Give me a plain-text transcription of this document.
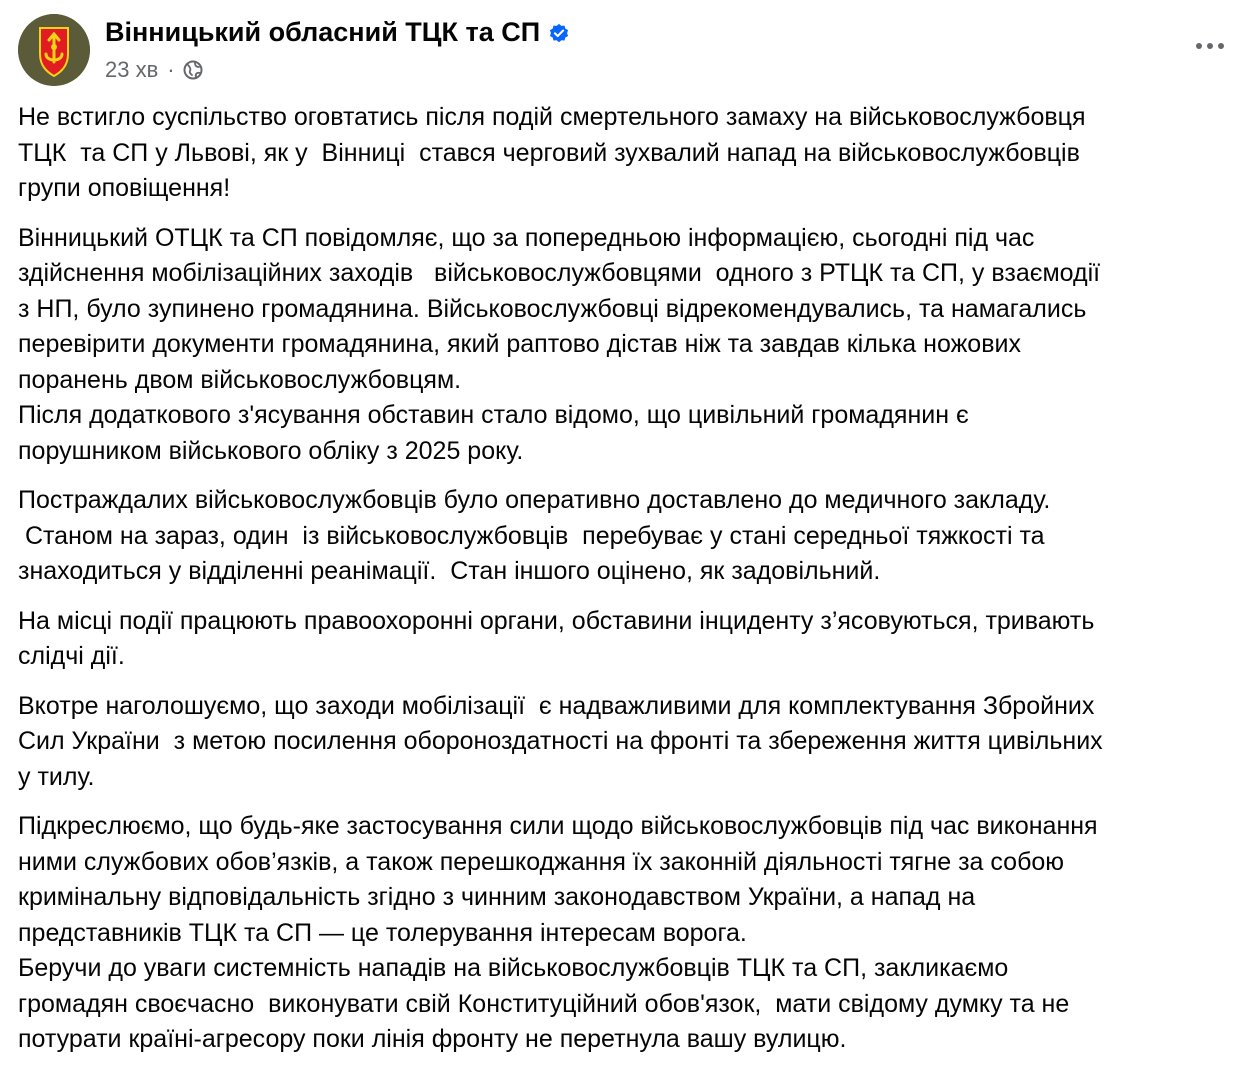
Вінницький обласний ТЦК та СП
23 хв ·

Не встигло суспільство оговтатись після подій смертельного замаху на військовослужбовця
ТЦК  та СП у Львові, як у  Вінниці  стався черговий зухвалий напад на військовослужбовців
групи оповіщення!

Вінницький ОТЦК та СП повідомляє, що за попередньою інформацією, сьогодні під час
здійснення мобілізаційних заходів   військовослужбовцями  одного з РТЦК та СП, у взаємодії
з НП, було зупинено громадянина. Військовослужбовці відрекомендувались, та намагались
перевірити документи громадянина, який раптово дістав ніж та завдав кілька ножових
поранень двом військовослужбовцям.
Після додаткового з'ясування обставин стало відомо, що цивільний громадянин є
порушником військового обліку з 2025 року.

Постраждалих військовослужбовців було оперативно доставлено до медичного закладу.
Станом на зараз, один  із військовослужбовців  перебуває у стані середньої тяжкості та
знаходиться у відділенні реанімації.  Стан іншого оцінено, як задовільний.

На місці події працюють правоохоронні органи, обставини інциденту з’ясовуються, тривають
слідчі дії.

Вкотре наголошуємо, що заходи мобілізації  є надважливими для комплектування Збройних
Сил України  з метою посилення обороноздатності на фронті та збереження життя цивільних
у тилу.

Підкреслюємо, що будь-яке застосування сили щодо військовослужбовців під час виконання
ними службових обов’язків, а також перешкоджання їх законній діяльності тягне за собою
кримінальну відповідальність згідно з чинним законодавством України, а напад на
представників ТЦК та СП — це толерування інтересам ворога.
Беручи до уваги системність нападів на військовослужбовців ТЦК та СП, закликаємо
громадян своєчасно  виконувати свій Конституційний обов'язок,  мати свідому думку та не
потурати країні-агресору поки лінія фронту не перетнула вашу вулицю.
